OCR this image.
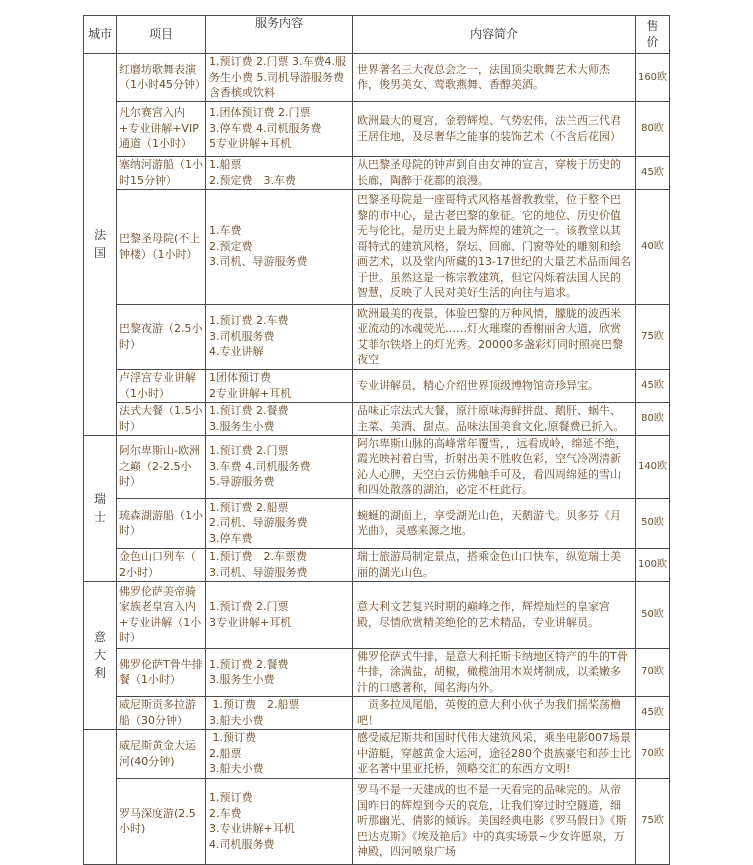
城市	项目	服务内容	内容简介	售 价
法
国	红磨坊歌舞表演（1小时45分钟）	1.预订费 2.门票 3.车费4.服务生小费 5.司机导游服务费含香槟或饮料	世界著名三大夜总会之一，法国顶尖歌舞艺术大师杰作，俊男美女、莺歌燕舞、香醇美酒。	160欧
	凡尔赛宫入内+专业讲解+VIP通道（1小时）	1.团体预订费 2.门票
3.停车费 4.司机服务费
5专业讲解+耳机	欧洲最大的夏宫，金碧辉煌、气势宏伟，法兰西三代君王居住地，及尽奢华之能事的装饰艺术（不含后花园）	80欧
	塞纳河游船（1小时15分钟）	1.船票
2.预定费　3.车费	从巴黎圣母院的钟声到自由女神的宣言，穿梭于历史的长廊，陶醉于花都的浪漫。	45欧
	巴黎圣母院(不上钟楼）（1小时）	1.车费
2.预定费
3.司机、导游服务费	巴黎圣母院是一座哥特式风格基督教教堂，位于整个巴黎的市中心，是古老巴黎的象征。它的地位、历史价值无与伦比，是历史上最为辉煌的建筑之一。该教堂以其哥特式的建筑风格，祭坛、回廊、门窗等处的雕刻和绘画艺术，以及堂内所藏的13-17世纪的大量艺术品而闻名于世。虽然这是一栋宗教建筑，但它闪烁着法国人民的智慧，反映了人民对美好生活的向往与追求。	40欧
	巴黎夜游（2.5小时）	1.预订费 2.车费
3.司机服务费
4.专业讲解	欧洲最美的夜景，体验巴黎的万种风情，朦胧的波西米亚流动的冰魂荧光……灯火璀璨的香榭丽舍大道，欣赏艾菲尔铁塔上的灯光秀。20000多盏彩灯同时照亮巴黎夜空	75欧
	卢浮宫专业讲解（1小时）	1团体预订费
2专业讲解+耳机	专业讲解员，精心介绍世界顶级博物馆奇珍异宝。	45欧
	法式大餐（1.5小时）	1.预订费 2.餐费
3.服务生小费	品味正宗法式大餐，原汁原味海鲜拼盘、鹅肝、蜗牛、主菜、美酒、甜点。品味法国美食文化,原餐费已折入。	80欧
瑞
士	阿尔卑斯山-欧洲之巅（2-2.5小时）	1.预订费 2.门票
3.车费 4.司机服务费
5.导游服务费	阿尔卑斯山脉的高峰常年覆雪，，远看成岭，绵延不绝，霞光映衬着白雪，折射出美不胜收色彩，空气冷冽清新沁人心脾，天空白云仿佛触手可及，看四周绵延的雪山和四处散落的湖泊，必定不枉此行。	140欧
	琉森湖游船（1小时）	1.预订费 2.船票
2.司机、导游服务费
3.停车费	蜿蜒的湖面上，享受湖光山色，天鹅游弋。贝多芬《月光曲》，灵感来源之地。	50欧
	金色山口列车（　2小时）	1.预订费　2.车票费
3.司机、导游服务费	瑞士旅游局制定景点，搭乘金色山口快车，纵览瑞士美丽的湖光山色。	100欧
意
大
利	佛罗伦萨美帝骑家族老皇宫入内+专业讲解（1小时）	1.预订费 2.门票
3专业讲解+耳机	意大利文艺复兴时期的巅峰之作，辉煌灿烂的皇家宫殿，尽情欣赏精美绝伦的艺术精品，专业讲解员。	50欧
	佛罗伦萨T骨牛排餐（1小时）	1.预订费 2.餐费
3.服务生小费	佛罗伦萨式牛排，是意大利托斯卡纳地区特产的牛的T骨牛排，涂满盐，胡椒，橄榄油用木炭烤制成，以柔嫩多汁的口感著称，闻名海内外。	70欧
	威尼斯贡多拉游船（30分钟）	1.预订费　2.船票
3.船夫小费	　贡多拉凤尾船，英俊的意大利小伙子为我们摇桨荡橹吧！	45欧
	威尼斯黄金大运河(40分钟)	1.预订费
2.船票
3.船夫小费	感受威尼斯共和国时代伟大建筑风采，乘坐电影007场景中游艇，穿越黄金大运河，途径280个贵族豪宅和莎士比亚名著中里亚托桥，领略交汇的东西方文明!	70欧
	罗马深度游(2.5小时)	1.预订费
2.车费
3.专业讲解+耳机
4.司机服务费	罗马不是一天建成的也不是一天看完的品味完的。从帝国昨日的辉煌到今天的哀危，让我们穿过时空隧道，细听那幽光、倩影的倾诉。美国经典电影《罗马假日》《斯巴达克斯》《埃及艳后》中的真实场景~少女许愿泉，万神殿，四河喷泉广场	75欧
